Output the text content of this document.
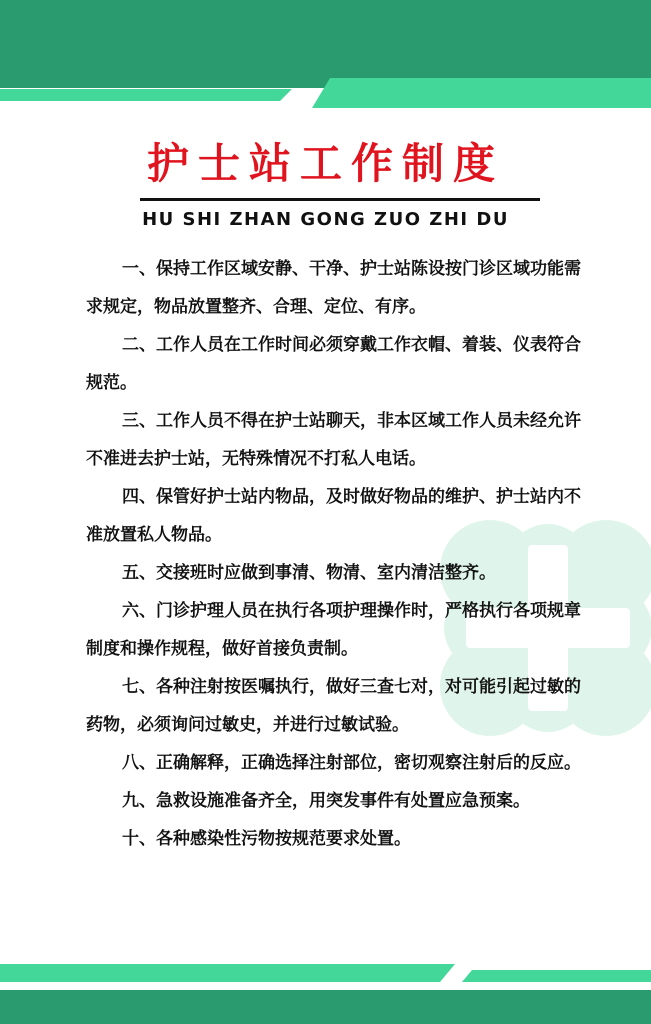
护士站工作制度
HU SHI ZHAN GONG ZUO ZHI DU
一、保持工作区域安静、干净、护士站陈设按门诊区域功能需求规定，物品放置整齐、合理、定位、有序。
二、工作人员在工作时间必须穿戴工作衣帽、着装、仪表符合规范。
三、工作人员不得在护士站聊天，非本区域工作人员未经允许不准进去护士站，无特殊情况不打私人电话。
四、保管好护士站内物品，及时做好物品的维护、护士站内不准放置私人物品。
五、交接班时应做到事清、物清、室内清洁整齐。
六、门诊护理人员在执行各项护理操作时，严格执行各项规章制度和操作规程，做好首接负责制。
七、各种注射按医嘱执行，做好三查七对，对可能引起过敏的药物，必须询问过敏史，并进行过敏试验。
八、正确解释，正确选择注射部位，密切观察注射后的反应。
九、急救设施准备齐全，用突发事件有处置应急预案。
十、各种感染性污物按规范要求处置。
